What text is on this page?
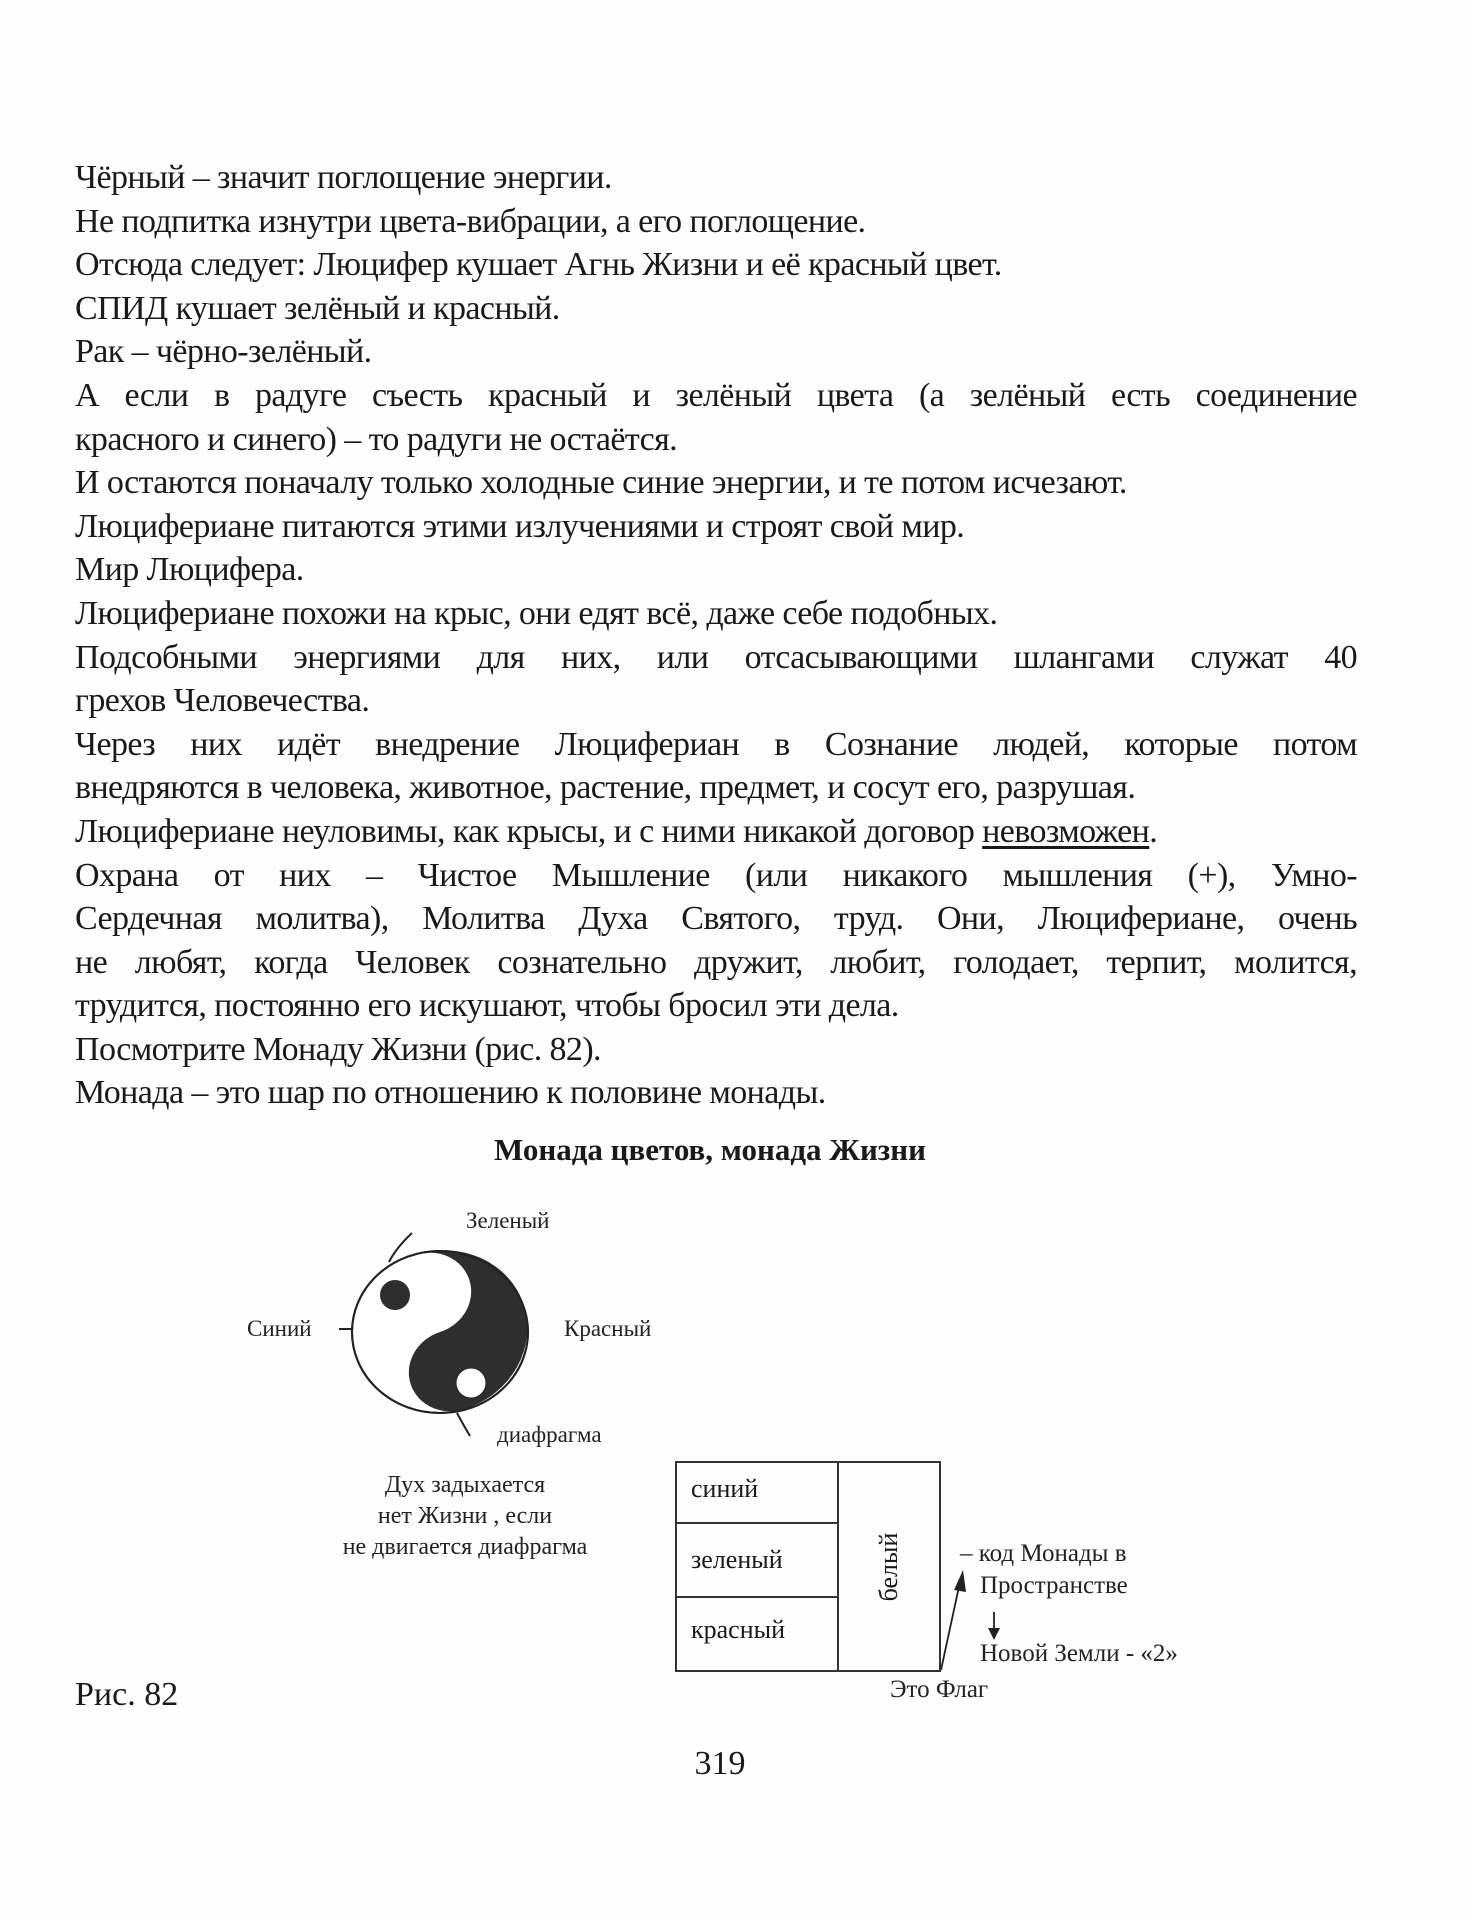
Чёрный – значит поглощение энергии.
Не подпитка изнутри цвета-вибрации, а его поглощение.
Отсюда следует: Люцифер кушает Агнь Жизни и её красный цвет.
СПИД кушает зелёный и красный.
Рак – чёрно-зелёный.
А если в радуге съесть красный и зелёный цвета (а зелёный есть соединение
красного и синего) – то радуги не остаётся.
И остаются поначалу только холодные синие энергии, и те потом исчезают.
Люцифериане питаются этими излучениями и строят свой мир.
Мир Люцифера.
Люцифериане похожи на крыс, они едят всё, даже себе подобных.
Подсобными энергиями для них, или отсасывающими шлангами служат 40
грехов Человечества.
Через них идёт внедрение Люцифериан в Сознание людей, которые потом
внедряются в человека, животное, растение, предмет, и сосут его, разрушая.
Люцифериане неуловимы, как крысы, и с ними никакой договор невозможен.
Охрана от них – Чистое Мышление (или никакого мышления (+), Умно-
Сердечная молитва), Молитва Духа Святого, труд. Они, Люцифериане, очень
не любят, когда Человек сознательно дружит, любит, голодает, терпит, молится,
трудится, постоянно его искушают, чтобы бросил эти дела.
Посмотрите Монаду Жизни (рис. 82).
Монада – это шар по отношению к половине монады.
Монада цветов, монада Жизни
Зеленый
Синий	Красный
диафрагма
Дух задыхается
нет Жизни , если
не двигается диафрагма
синий
зеленый
красный
белый – код Монады в
Пространстве
Новой Земли - «2»
Это Флаг
Рис. 82
319
